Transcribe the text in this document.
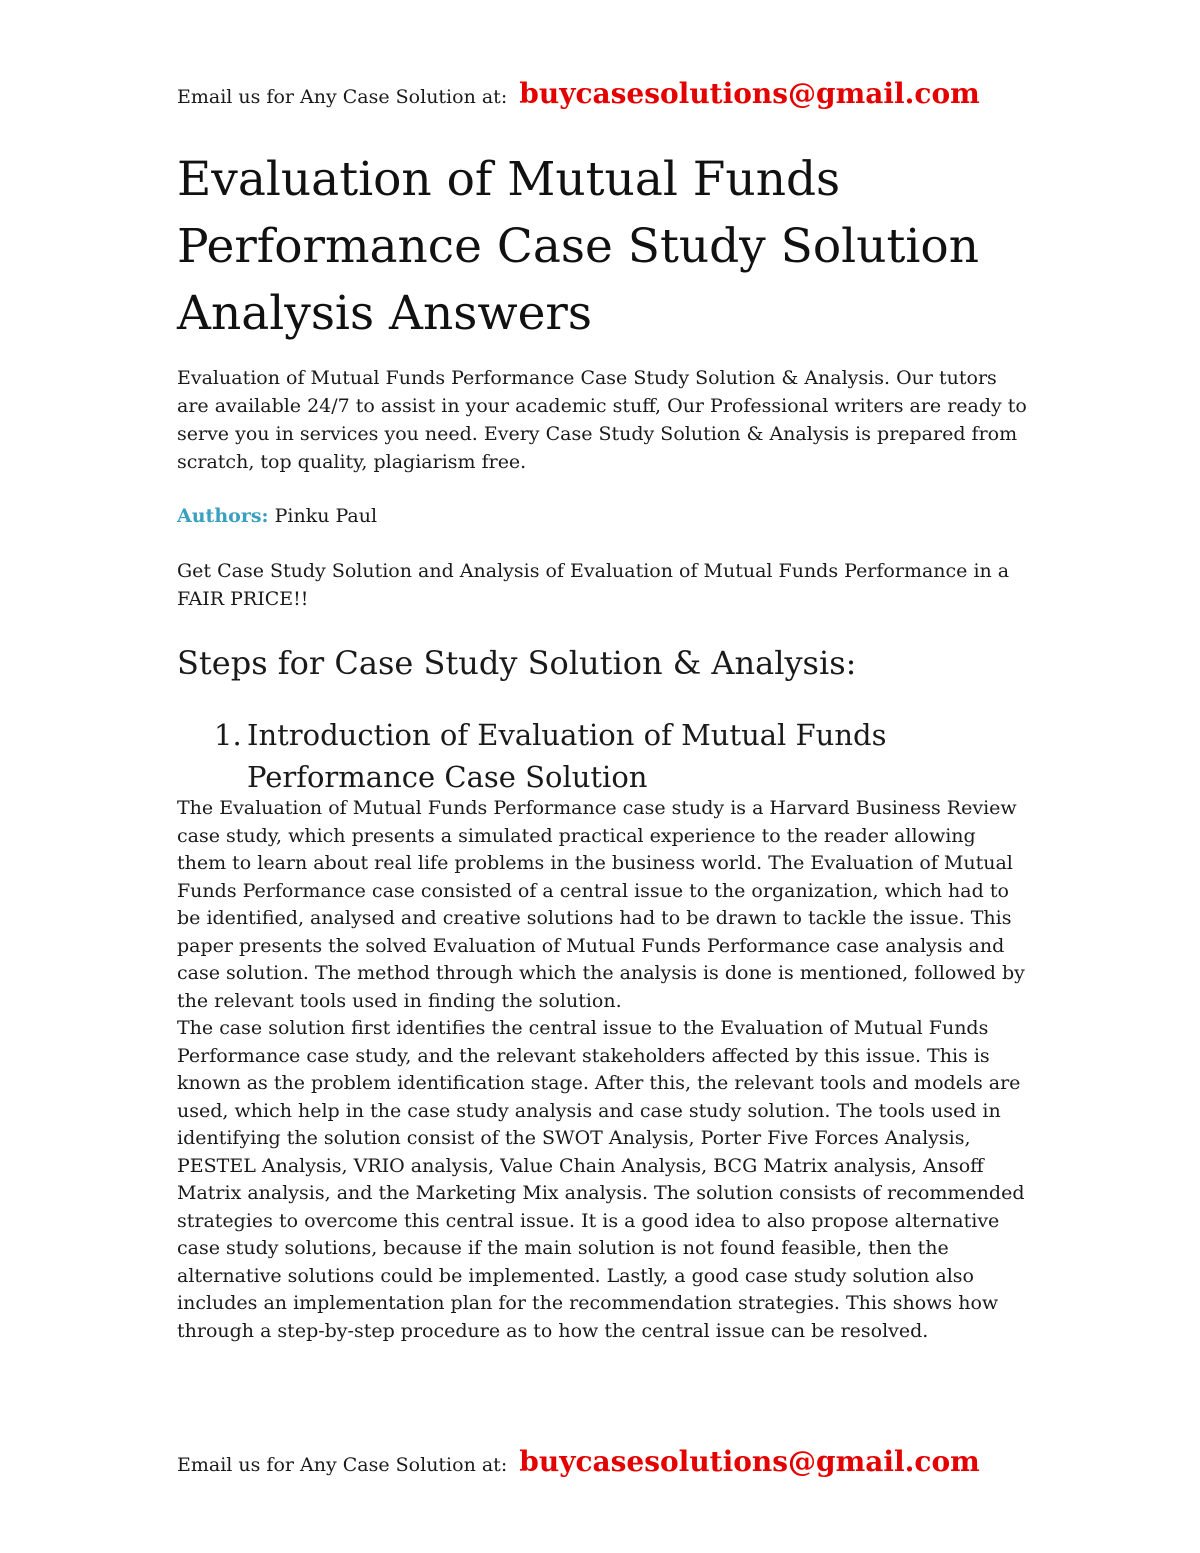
Email us for Any Case Solution at: buycasesolutions@gmail.com
Evaluation of Mutual Funds Performance Case Study Solution Analysis Answers

Evaluation of Mutual Funds Performance Case Study Solution & Analysis. Our tutors are available 24/7 to assist in your academic stuff, Our Professional writers are ready to serve you in services you need. Every Case Study Solution & Analysis is prepared from scratch, top quality, plagiarism free.

Authors: Pinku Paul

Get Case Study Solution and Analysis of Evaluation of Mutual Funds Performance in a FAIR PRICE!!

Steps for Case Study Solution & Analysis:
1. Introduction of Evaluation of Mutual Funds Performance Case Solution

The Evaluation of Mutual Funds Performance case study is a Harvard Business Review case study, which presents a simulated practical experience to the reader allowing them to learn about real life problems in the business world. The Evaluation of Mutual Funds Performance case consisted of a central issue to the organization, which had to be identified, analysed and creative solutions had to be drawn to tackle the issue. This paper presents the solved Evaluation of Mutual Funds Performance case analysis and case solution. The method through which the analysis is done is mentioned, followed by the relevant tools used in finding the solution.

The case solution first identifies the central issue to the Evaluation of Mutual Funds Performance case study, and the relevant stakeholders affected by this issue. This is known as the problem identification stage. After this, the relevant tools and models are used, which help in the case study analysis and case study solution. The tools used in identifying the solution consist of the SWOT Analysis, Porter Five Forces Analysis, PESTEL Analysis, VRIO analysis, Value Chain Analysis, BCG Matrix analysis, Ansoff Matrix analysis, and the Marketing Mix analysis. The solution consists of recommended strategies to overcome this central issue. It is a good idea to also propose alternative case study solutions, because if the main solution is not found feasible, then the alternative solutions could be implemented. Lastly, a good case study solution also includes an implementation plan for the recommendation strategies. This shows how through a step-by-step procedure as to how the central issue can be resolved.

Email us for Any Case Solution at: buycasesolutions@gmail.com
